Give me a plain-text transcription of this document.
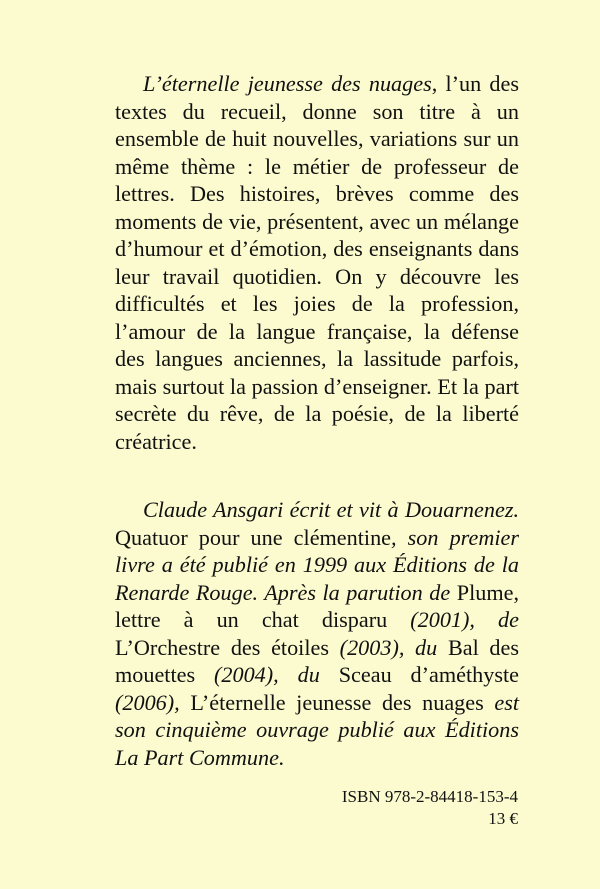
L’éternelle jeunesse des nuages, l’un des textes du recueil, donne son titre à un ensemble de huit nouvelles, variations sur un même thème : le métier de professeur de lettres. Des histoires, brèves comme des moments de vie, présentent, avec un mélange d’humour et d’émotion, des enseignants dans leur travail quotidien. On y découvre les difficultés et les joies de la profession, l’amour de la langue française, la défense des langues anciennes, la lassitude parfois, mais surtout la passion d’enseigner. Et la part secrète du rêve, de la poésie, de la liberté créatrice.

Claude Ansgari écrit et vit à Douarnenez. Quatuor pour une clémentine, son premier livre a été publié en 1999 aux Éditions de la Renarde Rouge. Après la parution de Plume, lettre à un chat disparu (2001), de L’Orchestre des étoiles (2003), du Bal des mouettes (2004), du Sceau d’améthyste (2006), L’éternelle jeunesse des nuages est son cinquième ouvrage publié aux Éditions La Part Commune.

ISBN 978-2-84418-153-4

13 €
